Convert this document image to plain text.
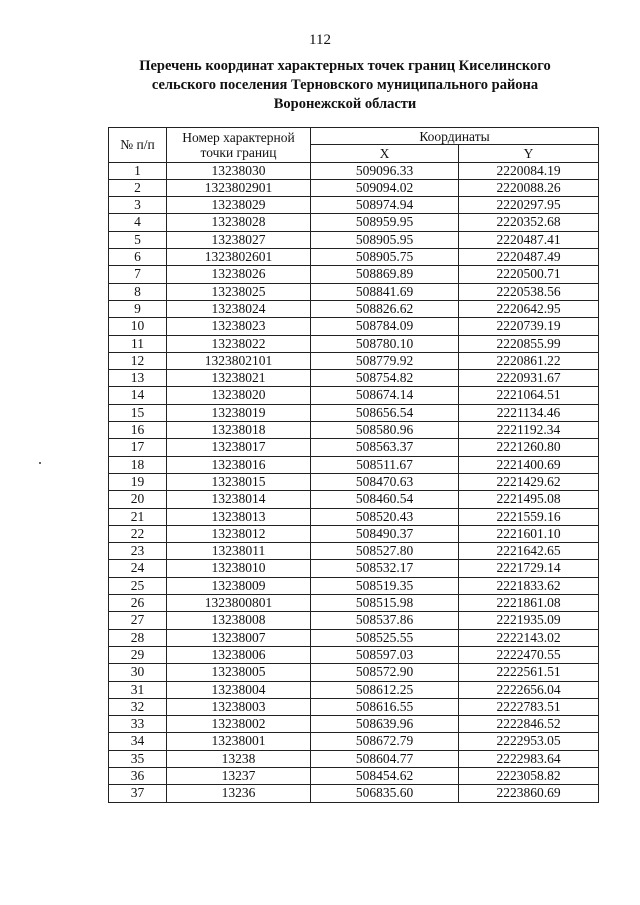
112
Перечень координат характерных точек границ Киселинского
сельского поселения Терновского муниципального района
Воронежской области
№ п/п	Номер характерной точки границ	Координаты	
		X	Y
1	13238030	509096.33	2220084.19
2	1323802901	509094.02	2220088.26
3	13238029	508974.94	2220297.95
4	13238028	508959.95	2220352.68
5	13238027	508905.95	2220487.41
6	1323802601	508905.75	2220487.49
7	13238026	508869.89	2220500.71
8	13238025	508841.69	2220538.56
9	13238024	508826.62	2220642.95
10	13238023	508784.09	2220739.19
11	13238022	508780.10	2220855.99
12	1323802101	508779.92	2220861.22
13	13238021	508754.82	2220931.67
14	13238020	508674.14	2221064.51
15	13238019	508656.54	2221134.46
16	13238018	508580.96	2221192.34
17	13238017	508563.37	2221260.80
18	13238016	508511.67	2221400.69
19	13238015	508470.63	2221429.62
20	13238014	508460.54	2221495.08
21	13238013	508520.43	2221559.16
22	13238012	508490.37	2221601.10
23	13238011	508527.80	2221642.65
24	13238010	508532.17	2221729.14
25	13238009	508519.35	2221833.62
26	1323800801	508515.98	2221861.08
27	13238008	508537.86	2221935.09
28	13238007	508525.55	2222143.02
29	13238006	508597.03	2222470.55
30	13238005	508572.90	2222561.51
31	13238004	508612.25	2222656.04
32	13238003	508616.55	2222783.51
33	13238002	508639.96	2222846.52
34	13238001	508672.79	2222953.05
35	13238	508604.77	2222983.64
36	13237	508454.62	2223058.82
37	13236	506835.60	2223860.69
